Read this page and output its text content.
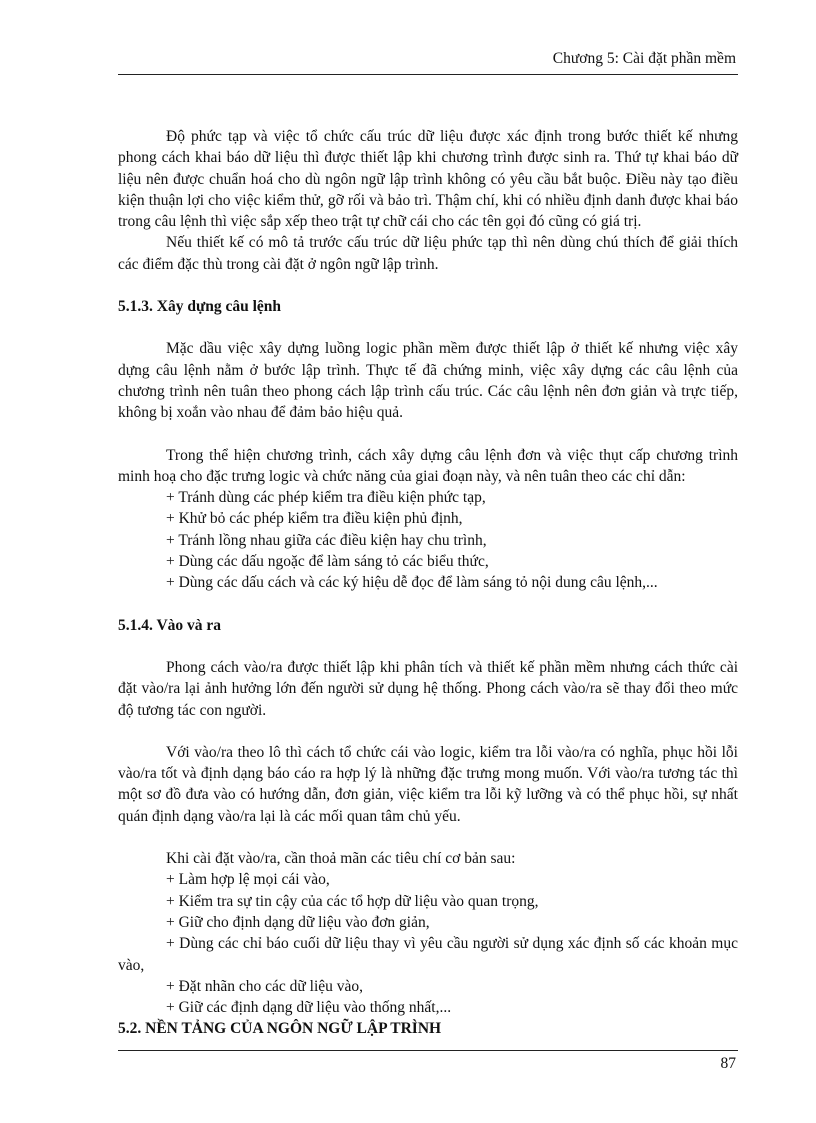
Chương 5: Cài đặt phần mềm

Độ phức tạp và việc tổ chức cấu trúc dữ liệu được xác định trong bước thiết kế nhưng phong cách khai báo dữ liệu thì được thiết lập khi chương trình được sinh ra. Thứ tự khai báo dữ liệu nên được chuẩn hoá cho dù ngôn ngữ lập trình không có yêu cầu bắt buộc. Điều này tạo điều kiện thuận lợi cho việc kiểm thử, gỡ rối và bảo trì. Thậm chí, khi có nhiều định danh được khai báo trong câu lệnh thì việc sắp xếp theo trật tự chữ cái cho các tên gọi đó cũng có giá trị.

Nếu thiết kế có mô tả trước cấu trúc dữ liệu phức tạp thì nên dùng chú thích để giải thích các điểm đặc thù trong cài đặt ở ngôn ngữ lập trình.

5.1.3. Xây dựng câu lệnh

Mặc dầu việc xây dựng luồng logic phần mềm được thiết lập ở thiết kế nhưng việc xây dựng câu lệnh nằm ở bước lập trình. Thực tế đã chứng minh, việc xây dựng các câu lệnh của chương trình nên tuân theo phong cách lập trình cấu trúc. Các câu lệnh nên đơn giản và trực tiếp, không bị xoắn vào nhau để đảm bảo hiệu quả.

Trong thể hiện chương trình, cách xây dựng câu lệnh đơn và việc thụt cấp chương trình minh hoạ cho đặc trưng logic và chức năng của giai đoạn này, và nên tuân theo các chỉ dẫn:

+ Tránh dùng các phép kiểm tra điều kiện phức tạp,

+ Khử bỏ các phép kiểm tra điều kiện phủ định,

+ Tránh lồng nhau giữa các điều kiện hay chu trình,

+ Dùng các dấu ngoặc để làm sáng tỏ các biểu thức,

+ Dùng các dấu cách và các ký hiệu dễ đọc để làm sáng tỏ nội dung câu lệnh,...

5.1.4. Vào và ra

Phong cách vào/ra được thiết lập khi phân tích và thiết kế phần mềm nhưng cách thức cài đặt vào/ra lại ảnh hưởng lớn đến người sử dụng hệ thống. Phong cách vào/ra sẽ thay đổi theo mức độ tương tác con người.

Với vào/ra theo lô thì cách tổ chức cái vào logic, kiểm tra lỗi vào/ra có nghĩa, phục hồi lỗi vào/ra tốt và định dạng báo cáo ra hợp lý là những đặc trưng mong muốn. Với vào/ra tương tác thì một sơ đồ đưa vào có hướng dẫn, đơn giản, việc kiểm tra lỗi kỹ lưỡng và có thể phục hồi, sự nhất quán định dạng vào/ra lại là các mối quan tâm chủ yếu.

Khi cài đặt vào/ra, cần thoả mãn các tiêu chí cơ bản sau:

+ Làm hợp lệ mọi cái vào,

+ Kiểm tra sự tin cậy của các tổ hợp dữ liệu vào quan trọng,

+ Giữ cho định dạng dữ liệu vào đơn giản,

+ Dùng các chỉ báo cuối dữ liệu thay vì yêu cầu người sử dụng xác định số các khoản mục vào,

+ Đặt nhãn cho các dữ liệu vào,

+ Giữ các định dạng dữ liệu vào thống nhất,...

5.2. NỀN TẢNG CỦA NGÔN NGỮ LẬP TRÌNH

87
